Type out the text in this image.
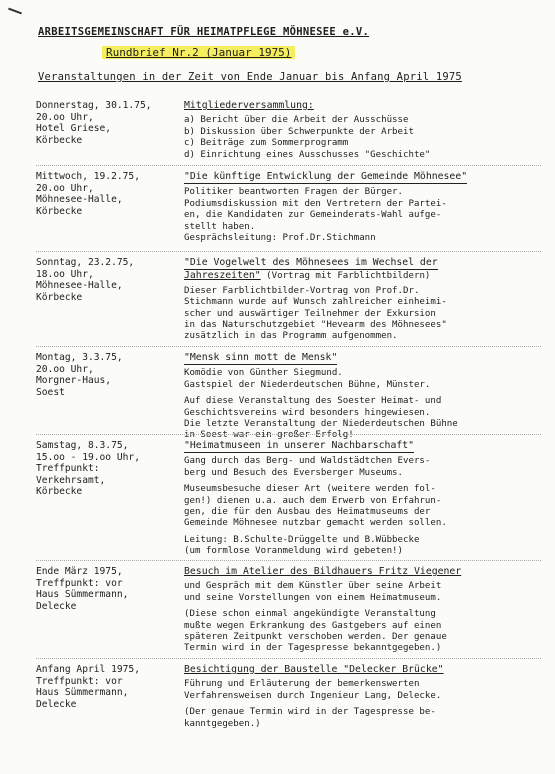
ARBEITSGEMEINSCHAFT FÜR HEIMATPFLEGE MÖHNESEE e.V.
Rundbrief Nr.2 (Januar 1975)
Veranstaltungen in der Zeit von Ende Januar bis Anfang April 1975
Donnerstag, 30.1.75,
20.oo Uhr,
Hotel Griese,
Körbecke
Mitgliederversammlung:
a) Bericht über die Arbeit der Ausschüsse
b) Diskussion über Schwerpunkte der Arbeit
c) Beiträge zum Sommerprogramm
d) Einrichtung eines Ausschusses "Geschichte"
Mittwoch, 19.2.75,
20.oo Uhr,
Möhnesee-Halle,
Körbecke
"Die künftige Entwicklung der Gemeinde Möhnesee"
Politiker beantworten Fragen der Bürger.
Podiumsdiskussion mit den Vertretern der Partei-
en, die Kandidaten zur Gemeinderats-Wahl aufge-
stellt haben.
Gesprächsleitung: Prof.Dr.Stichmann
Sonntag, 23.2.75,
18.oo Uhr,
Möhnesee-Halle,
Körbecke
"Die Vogelwelt des Möhnesees im Wechsel der
Jahreszeiten" (Vortrag mit Farblichtbildern)
Dieser Farblichtbilder-Vortrag von Prof.Dr.
Stichmann wurde auf Wunsch zahlreicher einheimi-
scher und auswärtiger Teilnehmer der Exkursion
in das Naturschutzgebiet "Hevearm des Möhnesees"
zusätzlich in das Programm aufgenommen.
Montag, 3.3.75,
20.oo Uhr,
Morgner-Haus,
Soest
"Mensk sinn mott de Mensk"
Komödie von Günther Siegmund.
Gastspiel der Niederdeutschen Bühne, Münster.
Auf diese Veranstaltung des Soester Heimat- und
Geschichtsvereins wird besonders hingewiesen.
Die letzte Veranstaltung der Niederdeutschen Bühne
in Soest war ein großer Erfolg!
Samstag, 8.3.75,
15.oo - 19.oo Uhr,
Treffpunkt:
Verkehrsamt,
Körbecke
"Heimatmuseen in unserer Nachbarschaft"
Gang durch das Berg- und Waldstädtchen Evers-
berg und Besuch des Eversberger Museums.
Museumsbesuche dieser Art (weitere werden fol-
gen!) dienen u.a. auch dem Erwerb von Erfahrun-
gen, die für den Ausbau des Heimatmuseums der
Gemeinde Möhnesee nutzbar gemacht werden sollen.
Leitung: B.Schulte-Drüggelte und B.Wübbecke
(um formlose Voranmeldung wird gebeten!)
Ende März 1975,
Treffpunkt: vor
Haus Sümmermann,
Delecke
Besuch im Atelier des Bildhauers Fritz Viegener
und Gespräch mit dem Künstler über seine Arbeit
und seine Vorstellungen von einem Heimatmuseum.
(Diese schon einmal angekündigte Veranstaltung
mußte wegen Erkrankung des Gastgebers auf einen
späteren Zeitpunkt verschoben werden. Der genaue
Termin wird in der Tagespresse bekanntgegeben.)
Anfang April 1975,
Treffpunkt: vor
Haus Sümmermann,
Delecke
Besichtigung der Baustelle "Delecker Brücke"
Führung und Erläuterung der bemerkenswerten
Verfahrensweisen durch Ingenieur Lang, Delecke.
(Der genaue Termin wird in der Tagespresse be-
kanntgegeben.)
